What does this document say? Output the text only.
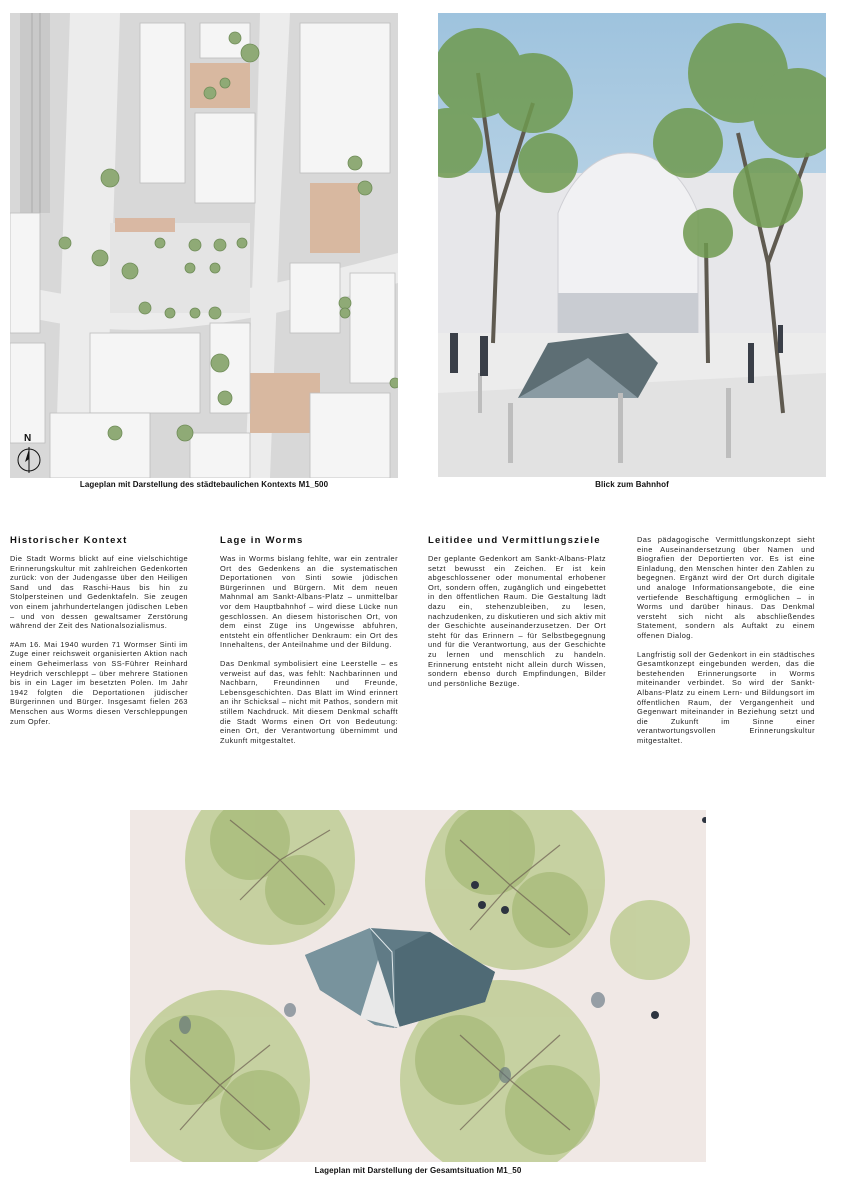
N
Lageplan mit Darstellung des städtebaulichen Kontexts M1_500	Blick zum Bahnhof
Historischer Kontext

Die Stadt Worms blickt auf eine vielschichtige Erinnerungskultur mit zahlreichen Gedenkorten zurück: von der Judengasse über den Heiligen Sand und das Raschi-Haus bis hin zu Stolpersteinen und Gedenktafeln. Sie zeugen von einem jahrhundertelangen jüdischen Leben – und von dessen gewaltsamer Zerstörung während der Zeit des Nationalsozialismus.

#Am 16. Mai 1940 wurden 71 Wormser Sinti im Zuge einer reichsweit organisierten Aktion nach einem Geheimerlass von SS-Führer Reinhard Heydrich verschleppt – über mehrere Stationen bis in ein Lager im besetzten Polen. Im Jahr 1942 folgten die Deportationen jüdischer Bürgerinnen und Bürger. Insgesamt fielen 263 Menschen aus Worms diesen Verschleppungen zum Opfer.

Lage in Worms

Was in Worms bislang fehlte, war ein zentraler Ort des Gedenkens an die systematischen Deportationen von Sinti sowie jüdischen Bürgerinnen und Bürgern. Mit dem neuen Mahnmal am Sankt-Albans-Platz – unmittelbar vor dem Hauptbahnhof – wird diese Lücke nun geschlossen. An diesem historischen Ort, von dem einst Züge ins Ungewisse abfuhren, entsteht ein öffentlicher Denkraum: ein Ort des Innehaltens, der Anteilnahme und der Bildung.

Das Denkmal symbolisiert eine Leerstelle – es verweist auf das, was fehlt: Nachbarinnen und Nachbarn, Freundinnen und Freunde, Lebensgeschichten. Das Blatt im Wind erinnert an ihr Schicksal – nicht mit Pathos, sondern mit stillem Nachdruck. Mit diesem Denkmal schafft die Stadt Worms einen Ort von Bedeutung: einen Ort, der Verantwortung übernimmt und Zukunft mitgestaltet.

Leitidee und Vermittlungsziele

Der geplante Gedenkort am Sankt-Albans-Platz setzt bewusst ein Zeichen. Er ist kein abgeschlossener oder monumental erhobener Ort, sondern offen, zugänglich und eingebettet in den öffentlichen Raum. Die Gestaltung lädt dazu ein, stehenzubleiben, zu lesen, nachzudenken, zu diskutieren und sich aktiv mit der Geschichte auseinanderzusetzen. Der Ort steht für das Erinnern – für Selbstbegegnung und für die Verantwortung, aus der Geschichte zu lernen und menschlich zu handeln. Erinnerung entsteht nicht allein durch Wissen, sondern ebenso durch Empfindungen, Bilder und persönliche Bezüge.

Das pädagogische Vermittlungskonzept sieht eine Auseinandersetzung über Namen und Biografien der Deportierten vor. Es ist eine Einladung, den Menschen hinter den Zahlen zu begegnen. Ergänzt wird der Ort durch digitale und analoge Informationsangebote, die eine vertiefende Beschäftigung ermöglichen – in Worms und darüber hinaus. Das Denkmal versteht sich nicht als abschließendes Statement, sondern als Auftakt zu einem offenen Dialog.

Langfristig soll der Gedenkort in ein städtisches Gesamtkonzept eingebunden werden, das die bestehenden Erinnerungsorte in Worms miteinander verbindet. So wird der Sankt-Albans-Platz zu einem Lern- und Bildungsort im öffentlichen Raum, der Vergangenheit und Gegenwart miteinander in Beziehung setzt und die Zukunft im Sinne einer verantwortungsvollen Erinnerungskultur mitgestaltet.

Lageplan mit Darstellung der Gesamtsituation M1_50
